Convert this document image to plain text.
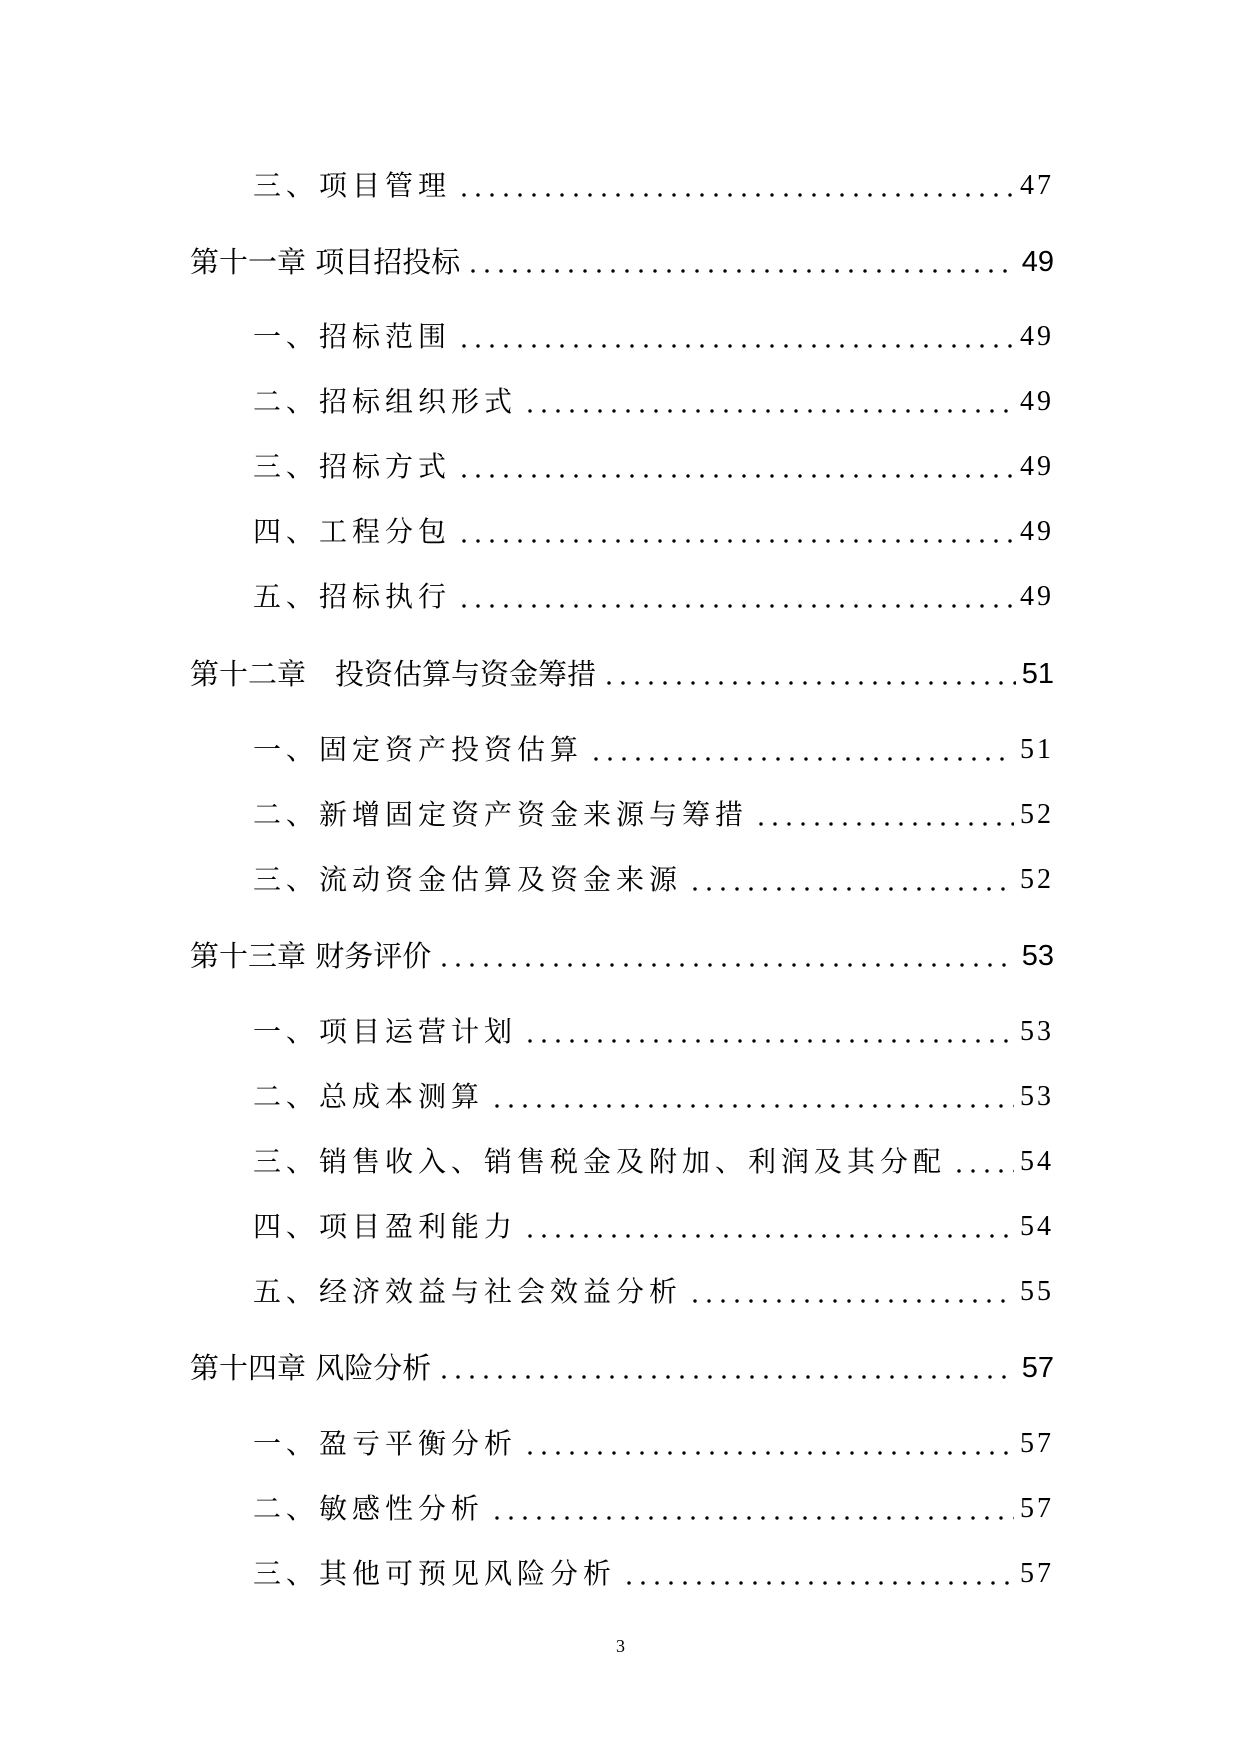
三、项目管理	47
第十一章 项目招投标	49
一、招标范围	49
二、招标组织形式	49
三、招标方式	49
四、工程分包	49
五、招标执行	49
第十二章　投资估算与资金筹措	51
一、固定资产投资估算	51
二、新增固定资产资金来源与筹措	52
三、流动资金估算及资金来源	52
第十三章 财务评价	53
一、项目运营计划	53
二、总成本测算	53
三、销售收入、销售税金及附加、利润及其分配	54
四、项目盈利能力	54
五、经济效益与社会效益分析	55
第十四章 风险分析	57
一、盈亏平衡分析	57
二、敏感性分析	57
三、其他可预见风险分析	57
3
